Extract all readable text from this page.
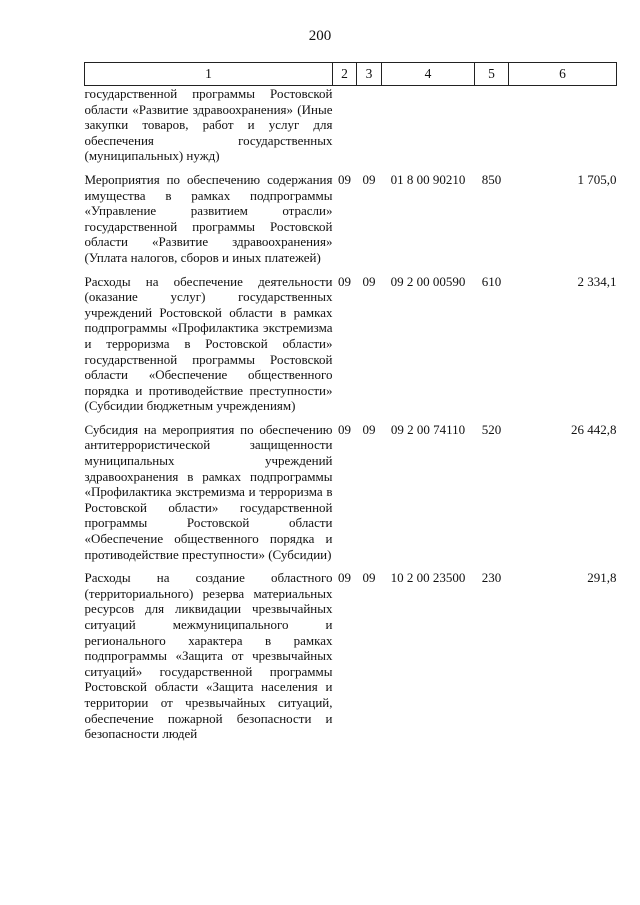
200
1	2	3	4	5	6
государственной программы Ростовской области «Развитие здравоохранения» (Иные закупки товаров, работ и услуг для обеспечения государственных (муниципальных) нужд)					

Мероприятия по обеспечению содержания имущества в рамках подпрограммы «Управление развитием отрасли» государственной программы Ростовской области «Развитие здравоохранения» (Уплата налогов, сборов и иных платежей)	09	09	01 8 00 90210	850	1 705,0

Расходы на обеспечение деятельности (оказание услуг) государственных учреждений Ростовской области в рамках подпрограммы «Профилактика экстремизма и терроризма в Ростовской области» государственной программы Ростовской области «Обеспечение общественного порядка и противодействие преступности» (Субсидии бюджетным учреждениям)	09	09	09 2 00 00590	610	2 334,1

Субсидия на мероприятия по обеспечению антитеррористической защищенности муниципальных учреждений здравоохранения в рамках подпрограммы «Профилактика экстремизма и терроризма в Ростовской области» государственной программы Ростовской области «Обеспечение общественного порядка и противодействие преступности» (Субсидии)	09	09	09 2 00 74110	520	26 442,8

Расходы на создание областного (территориального) резерва материальных ресурсов для ликвидации чрезвычайных ситуаций межмуниципального и регионального характера в рамках подпрограммы «Защита от чрезвычайных ситуаций» государственной программы Ростовской области «Защита населения и территории от чрезвычайных ситуаций, обеспечение пожарной безопасности и безопасности людей	09	09	10 2 00 23500	230	291,8
